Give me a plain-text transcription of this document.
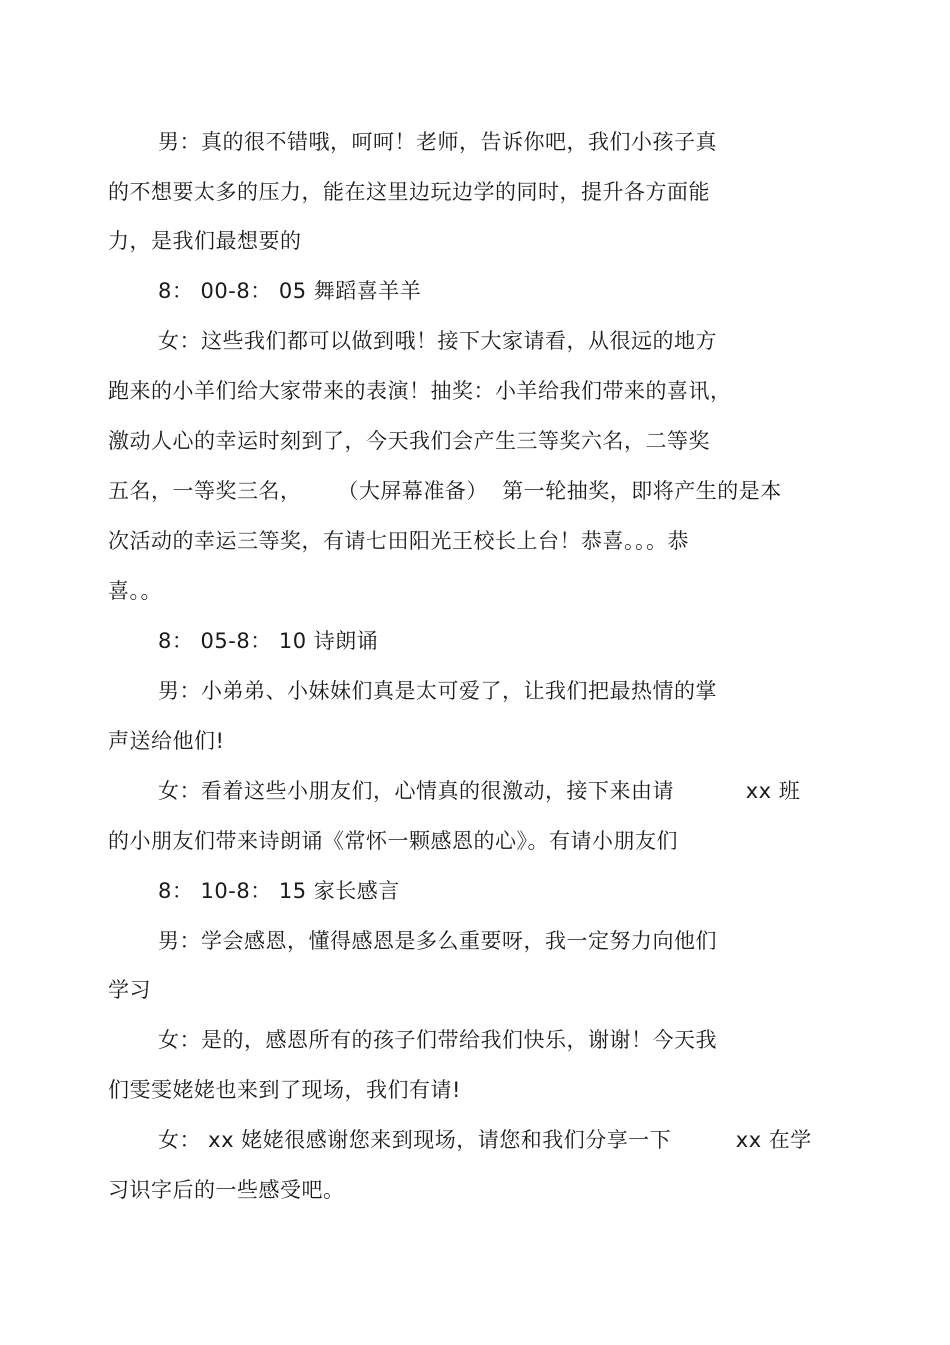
男：真的很不错哦，呵呵！老师，告诉你吧，我们小孩子真
的不想要太多的压力，能在这里边玩边学的同时，提升各方面能
力，是我们最想要的
8： 00-8： 05 舞蹈喜羊羊
女：这些我们都可以做到哦！接下大家请看，从很远的地方
跑来的小羊们给大家带来的表演！抽奖：小羊给我们带来的喜讯，
激动人心的幸运时刻到了，今天我们会产生三等奖六名，二等奖
五名，一等奖三名，     （大屏幕准备）  第一轮抽奖，即将产生的是本
次活动的幸运三等奖，有请七田阳光王校长上台！恭喜。。。恭
喜。。
8： 05-8： 10 诗朗诵
男：小弟弟、小妹妹们真是太可爱了，让我们把最热情的掌
声送给他们!
女：看着这些小朋友们，心情真的很激动，接下来由请          xx 班
的小朋友们带来诗朗诵《常怀一颗感恩的心》。有请小朋友们
8： 10-8： 15 家长感言
男：学会感恩，懂得感恩是多么重要呀，我一定努力向他们
学习
女：是的，感恩所有的孩子们带给我们快乐，谢谢！今天我
们雯雯姥姥也来到了现场，我们有请!
女： xx 姥姥很感谢您来到现场，请您和我们分享一下         xx 在学
习识字后的一些感受吧。
